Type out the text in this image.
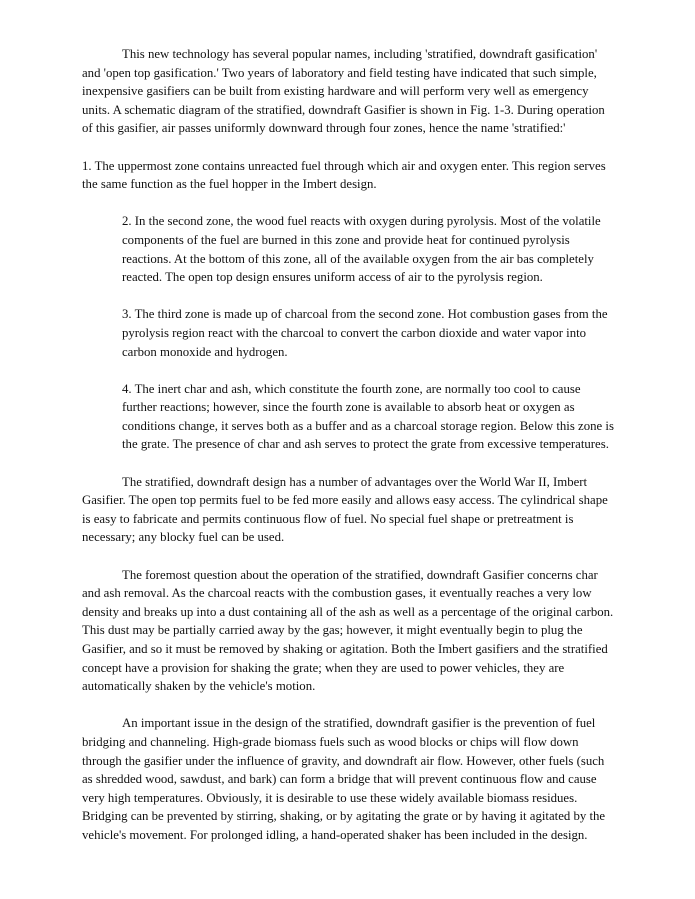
This new technology has several popular names, including 'stratified, downdraft gasification' and 'open top gasification.' Two years of laboratory and field testing have indicated that such simple, inexpensive gasifiers can be built from existing hardware and will perform very well as emergency units. A schematic diagram of the stratified, downdraft Gasifier is shown in Fig. 1-3. During operation of this gasifier, air passes uniformly downward through four zones, hence the name 'stratified:'

1. The uppermost zone contains unreacted fuel through which air and oxygen enter. This region serves the same function as the fuel hopper in the Imbert design.

2. In the second zone, the wood fuel reacts with oxygen during pyrolysis. Most of the volatile components of the fuel are burned in this zone and provide heat for continued pyrolysis reactions. At the bottom of this zone, all of the available oxygen from the air bas completely reacted. The open top design ensures uniform access of air to the pyrolysis region.

3. The third zone is made up of charcoal from the second zone. Hot combustion gases from the pyrolysis region react with the charcoal to convert the carbon dioxide and water vapor into carbon monoxide and hydrogen.

4. The inert char and ash, which constitute the fourth zone, are normally too cool to cause further reactions; however, since the fourth zone is available to absorb heat or oxygen as conditions change, it serves both as a buffer and as a charcoal storage region. Below this zone is the grate. The presence of char and ash serves to protect the grate from excessive temperatures.

The stratified, downdraft design has a number of advantages over the World War II, Imbert Gasifier. The open top permits fuel to be fed more easily and allows easy access. The cylindrical shape is easy to fabricate and permits continuous flow of fuel. No special fuel shape or pretreatment is necessary; any blocky fuel can be used.

The foremost question about the operation of the stratified, downdraft Gasifier concerns char and ash removal. As the charcoal reacts with the combustion gases, it eventually reaches a very low density and breaks up into a dust containing all of the ash as well as a percentage of the original carbon. This dust may be partially carried away by the gas; however, it might eventually begin to plug the Gasifier, and so it must be removed by shaking or agitation. Both the Imbert gasifiers and the stratified concept have a provision for shaking the grate; when they are used to power vehicles, they are automatically shaken by the vehicle's motion.

An important issue in the design of the stratified, downdraft gasifier is the prevention of fuel bridging and channeling. High-grade biomass fuels such as wood blocks or chips will flow down through the gasifier under the influence of gravity, and downdraft air flow. However, other fuels (such as shredded wood, sawdust, and bark) can form a bridge that will prevent continuous flow and cause very high temperatures. Obviously, it is desirable to use these widely available biomass residues. Bridging can be prevented by stirring, shaking, or by agitating the grate or by having it agitated by the vehicle's movement. For prolonged idling, a hand-operated shaker has been included in the design.
